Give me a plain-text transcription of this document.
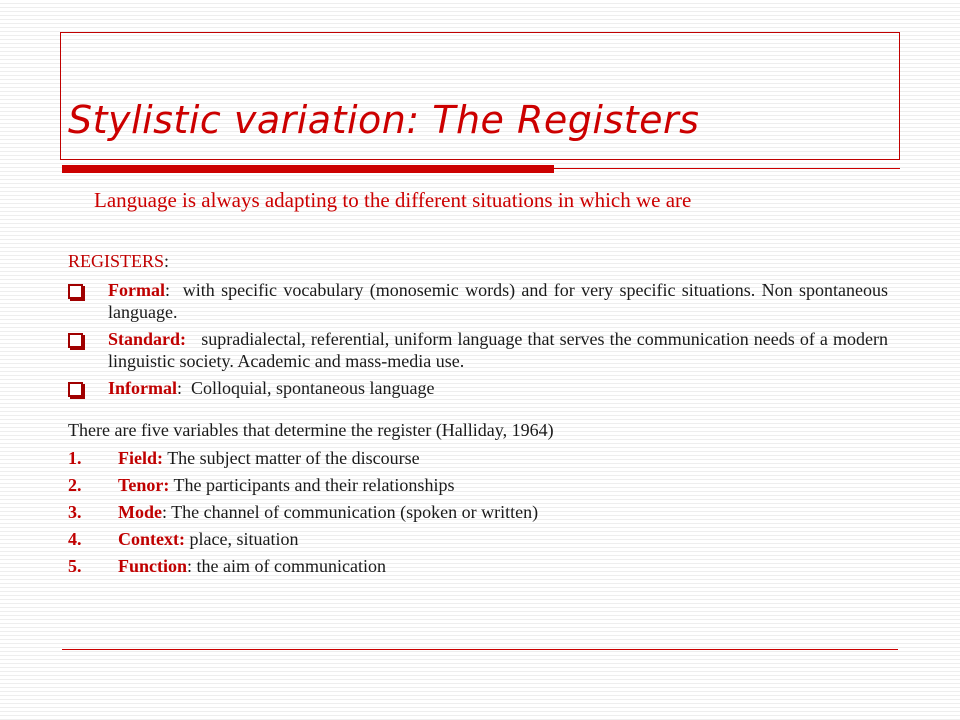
Stylistic variation: The Registers
Language is always adapting to the different situations in which we are

REGISTERS:

Formal: with specific vocabulary (monosemic words) and for very specific situations. Non spontaneous language.
Standard: supradialectal, referential, uniform language that serves the communication needs of a modern linguistic society. Academic and mass-media use.
Informal: Colloquial, spontaneous language

There are five variables that determine the register (Halliday, 1964)

1.	Field: The subject matter of the discourse
2.	Tenor: The participants and their relationships
3.	Mode: The channel of communication (spoken or written)
4.	Context: place, situation
5.	Function: the aim of communication
